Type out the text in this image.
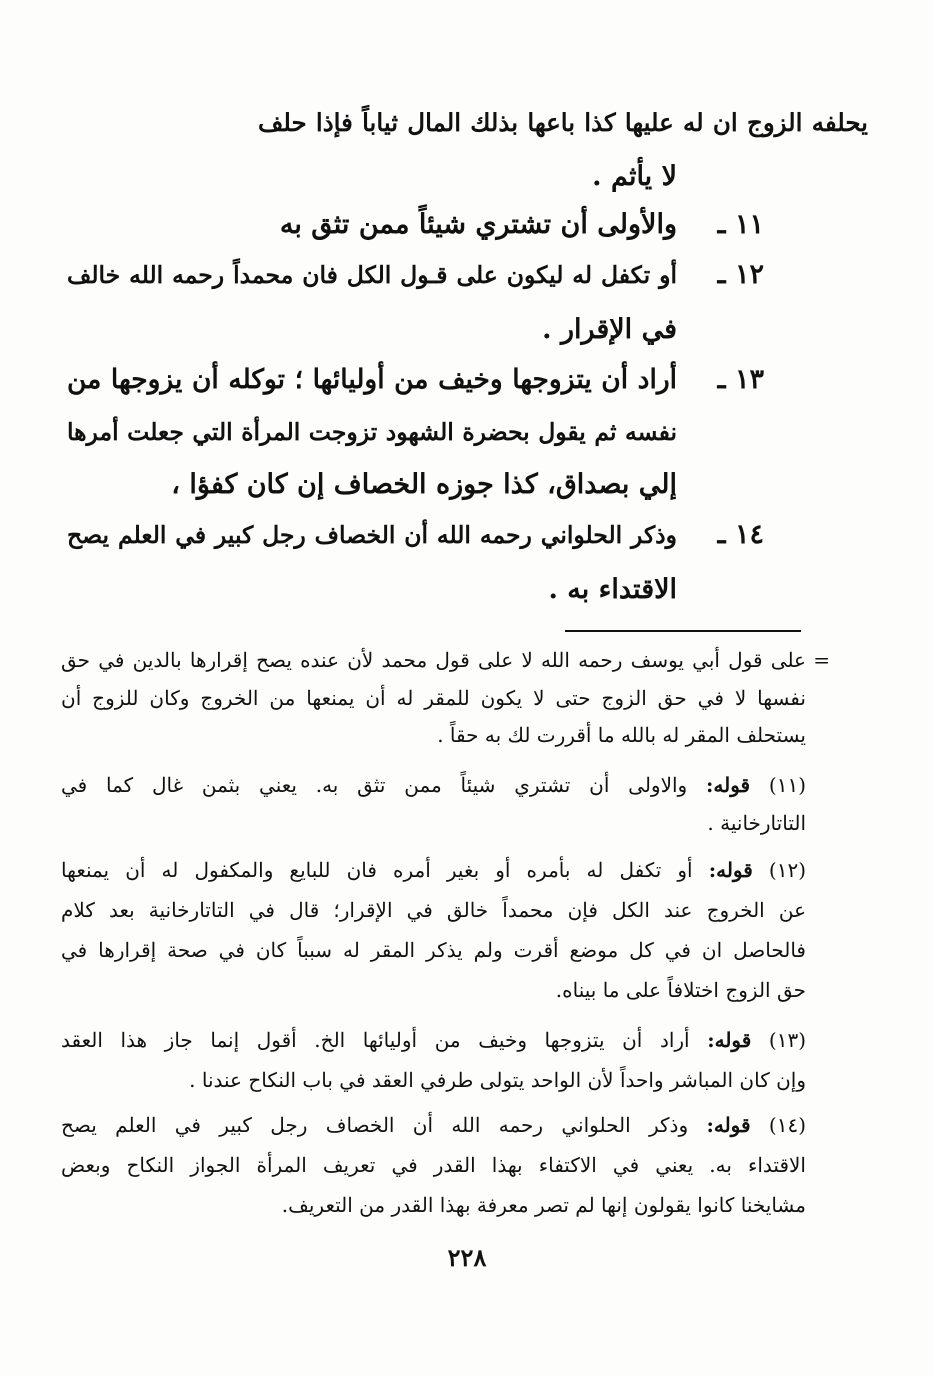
يحلفه الزوج ان له عليها كذا باعها بذلك المال ثياباً فإذا حلف
لا يأثم .
١١ ـ
والأولى أن تشتري شيئاً ممن تثق به
١٢ ـ
أو تكفل له ليكون على قـول الكل فان محمداً رحمه الله خالف
في الإقرار .
١٣ ـ
أراد أن يتزوجها وخيف من أوليائها ؛ توكله أن يزوجها من
نفسه ثم يقول بحضرة الشهود تزوجت المرأة التي جعلت أمرها
إلي بصداق، كذا جوزه الخصاف إن كان كفؤا ،
١٤ ـ
وذكر الحلواني رحمه الله أن الخصاف رجل كبير في العلم يصح
الاقتداء به .
=
على قول أبي يوسف رحمه الله لا على قول محمد لأن عنده يصح إقرارها بالدين في حق
نفسها لا في حق الزوج حتى لا يكون للمقر له أن يمنعها من الخروج وكان للزوج أن
يستحلف المقر له بالله ما أقررت لك به حقاً .
(١١) قوله: والاولى أن تشتري شيئاً ممن تثق به. يعني بثمن غال كما في
التاتارخانية .
(١٢) قوله: أو تكفل له بأمره أو بغير أمره فان للبايع والمكفول له أن يمنعها
عن الخروج عند الكل فإن محمداً خالق في الإقرار؛ قال في التاتارخانية بعد كلام
فالحاصل ان في كل موضع أقرت ولم يذكر المقر له سبباً كان في صحة إقرارها في
حق الزوج اختلافاً على ما بيناه.
(١٣) قوله: أراد أن يتزوجها وخيف من أوليائها الخ. أقول إنما جاز هذا العقد
وإن كان المباشر واحداً لأن الواحد يتولى طرفي العقد في باب النكاح عندنا .
(١٤) قوله: وذكر الحلواني رحمه الله أن الخصاف رجل كبير في العلم يصح
الاقتداء به. يعني في الاكتفاء بهذا القدر في تعريف المرأة الجواز النكاح وبعض
مشايخنا كانوا يقولون إنها لم تصر معرفة بهذا القدر من التعريف.
٢٢٨
